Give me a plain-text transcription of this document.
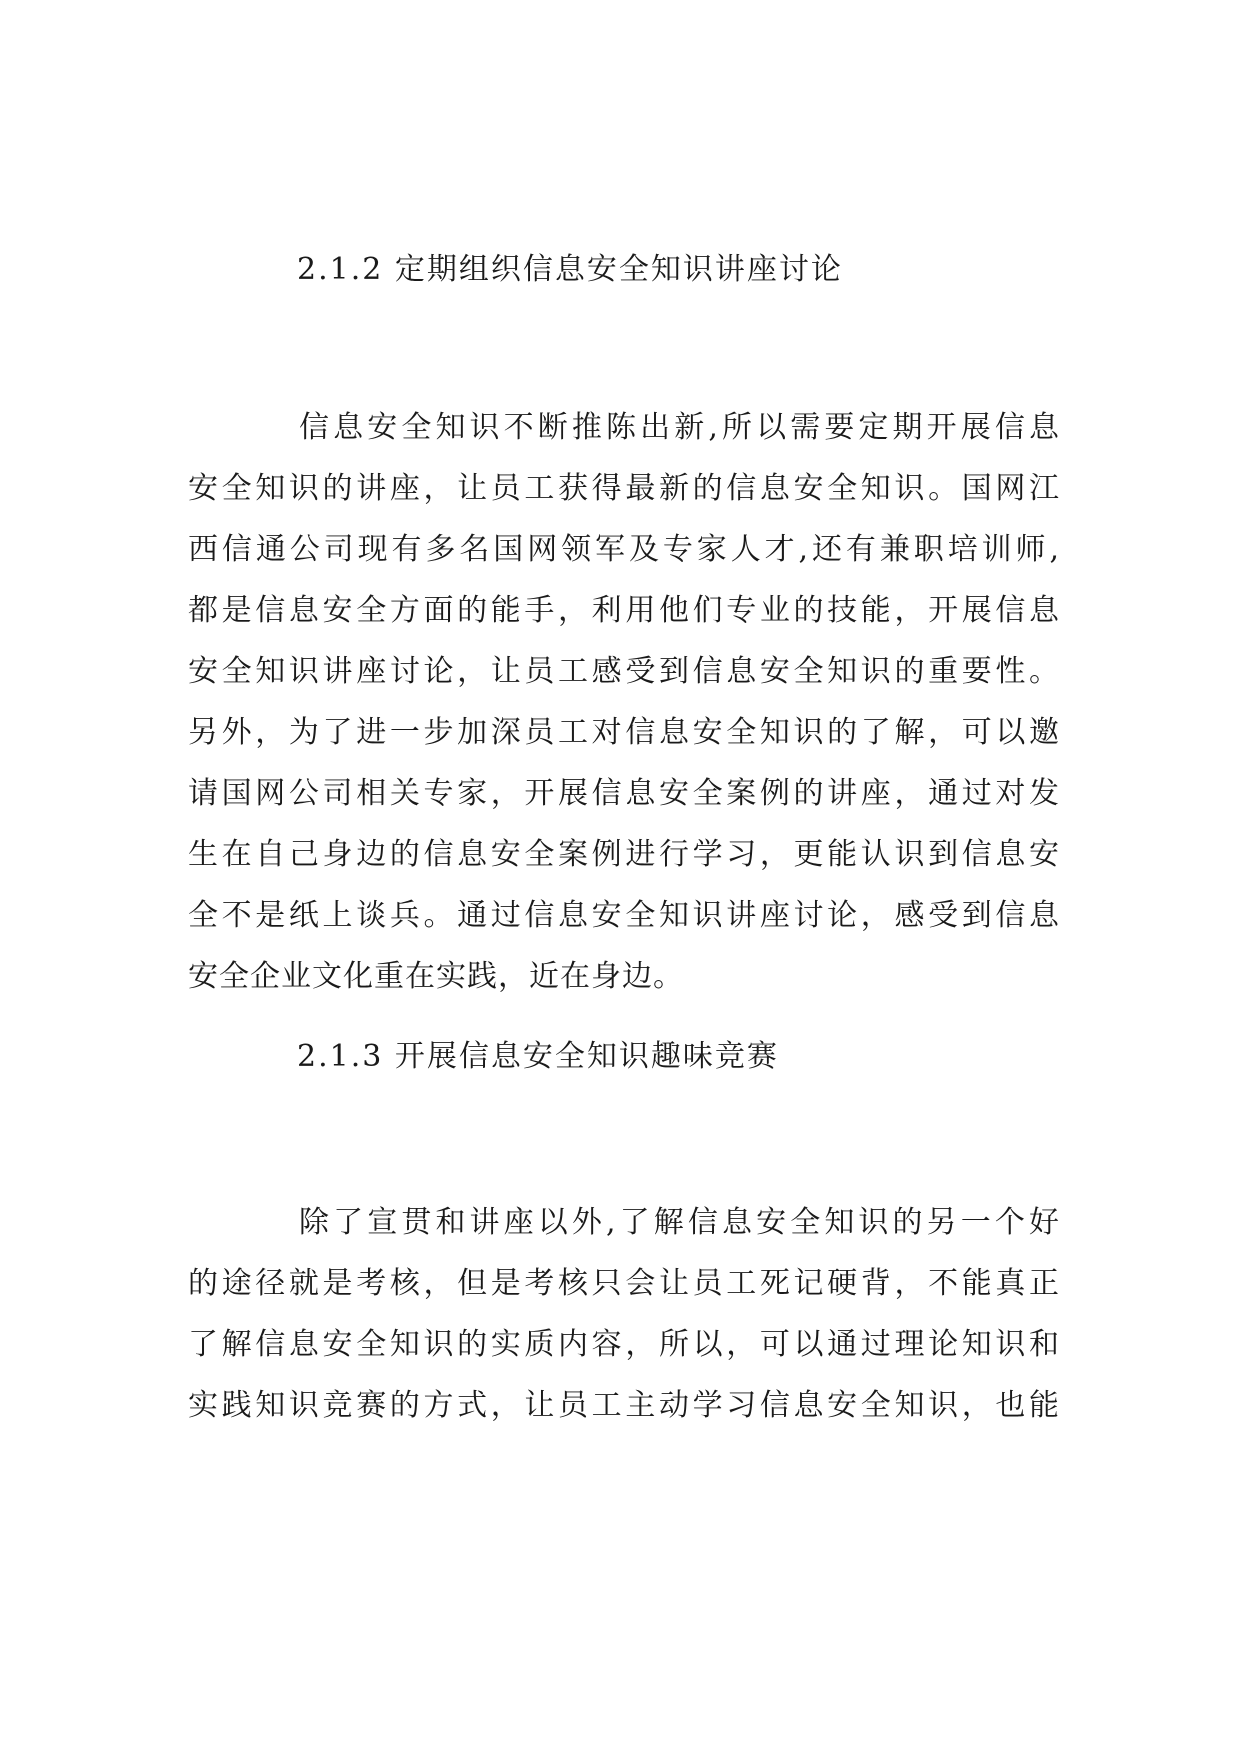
2.1.2 定期组织信息安全知识讲座讨论
信息安全知识不断推陈出新,所以需要定期开展信息
安全知识的讲座，让员工获得最新的信息安全知识。国网江
西信通公司现有多名国网领军及专家人才,还有兼职培训师,
都是信息安全方面的能手，利用他们专业的技能，开展信息
安全知识讲座讨论，让员工感受到信息安全知识的重要性。
另外，为了进一步加深员工对信息安全知识的了解，可以邀
请国网公司相关专家，开展信息安全案例的讲座，通过对发
生在自己身边的信息安全案例进行学习，更能认识到信息安
全不是纸上谈兵。通过信息安全知识讲座讨论，感受到信息
安全企业文化重在实践，近在身边。
2.1.3 开展信息安全知识趣味竞赛
除了宣贯和讲座以外,了解信息安全知识的另一个好
的途径就是考核，但是考核只会让员工死记硬背，不能真正
了解信息安全知识的实质内容，所以，可以通过理论知识和
实践知识竞赛的方式，让员工主动学习信息安全知识，也能
